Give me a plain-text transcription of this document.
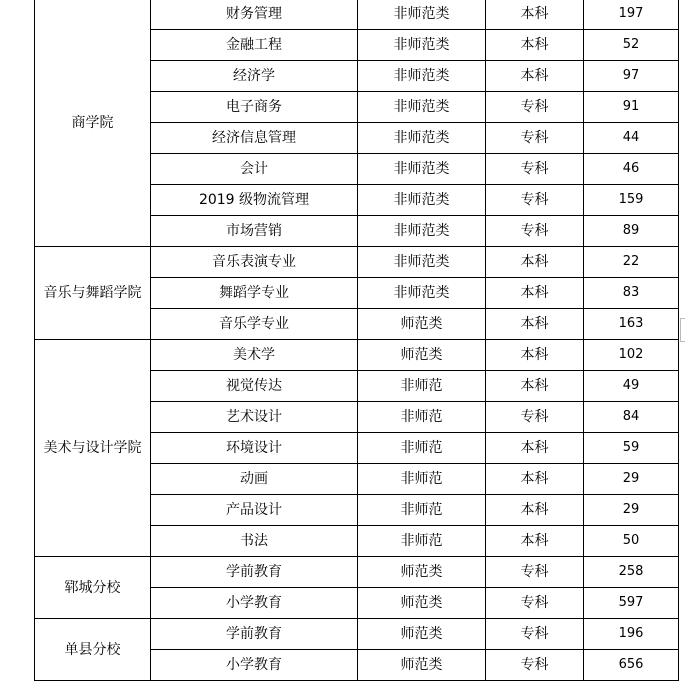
商学院	财务管理	非师范类	本科	197
	金融工程	非师范类	本科	52
	经济学	非师范类	本科	97
	电子商务	非师范类	专科	91
	经济信息管理	非师范类	专科	44
	会计	非师范类	专科	46
	2019 级物流管理	非师范类	专科	159
	市场营销	非师范类	专科	89
音乐与舞蹈学院	音乐表演专业	非师范类	本科	22
	舞蹈学专业	非师范类	本科	83
	音乐学专业	师范类	本科	163
美术与设计学院	美术学	师范类	本科	102
	视觉传达	非师范	本科	49
	艺术设计	非师范	专科	84
	环境设计	非师范	本科	59
	动画	非师范	本科	29
	产品设计	非师范	本科	29
	书法	非师范	本科	50
郓城分校	学前教育	师范类	专科	258
	小学教育	师范类	专科	597
单县分校	学前教育	师范类	专科	196
	小学教育	师范类	专科	656
